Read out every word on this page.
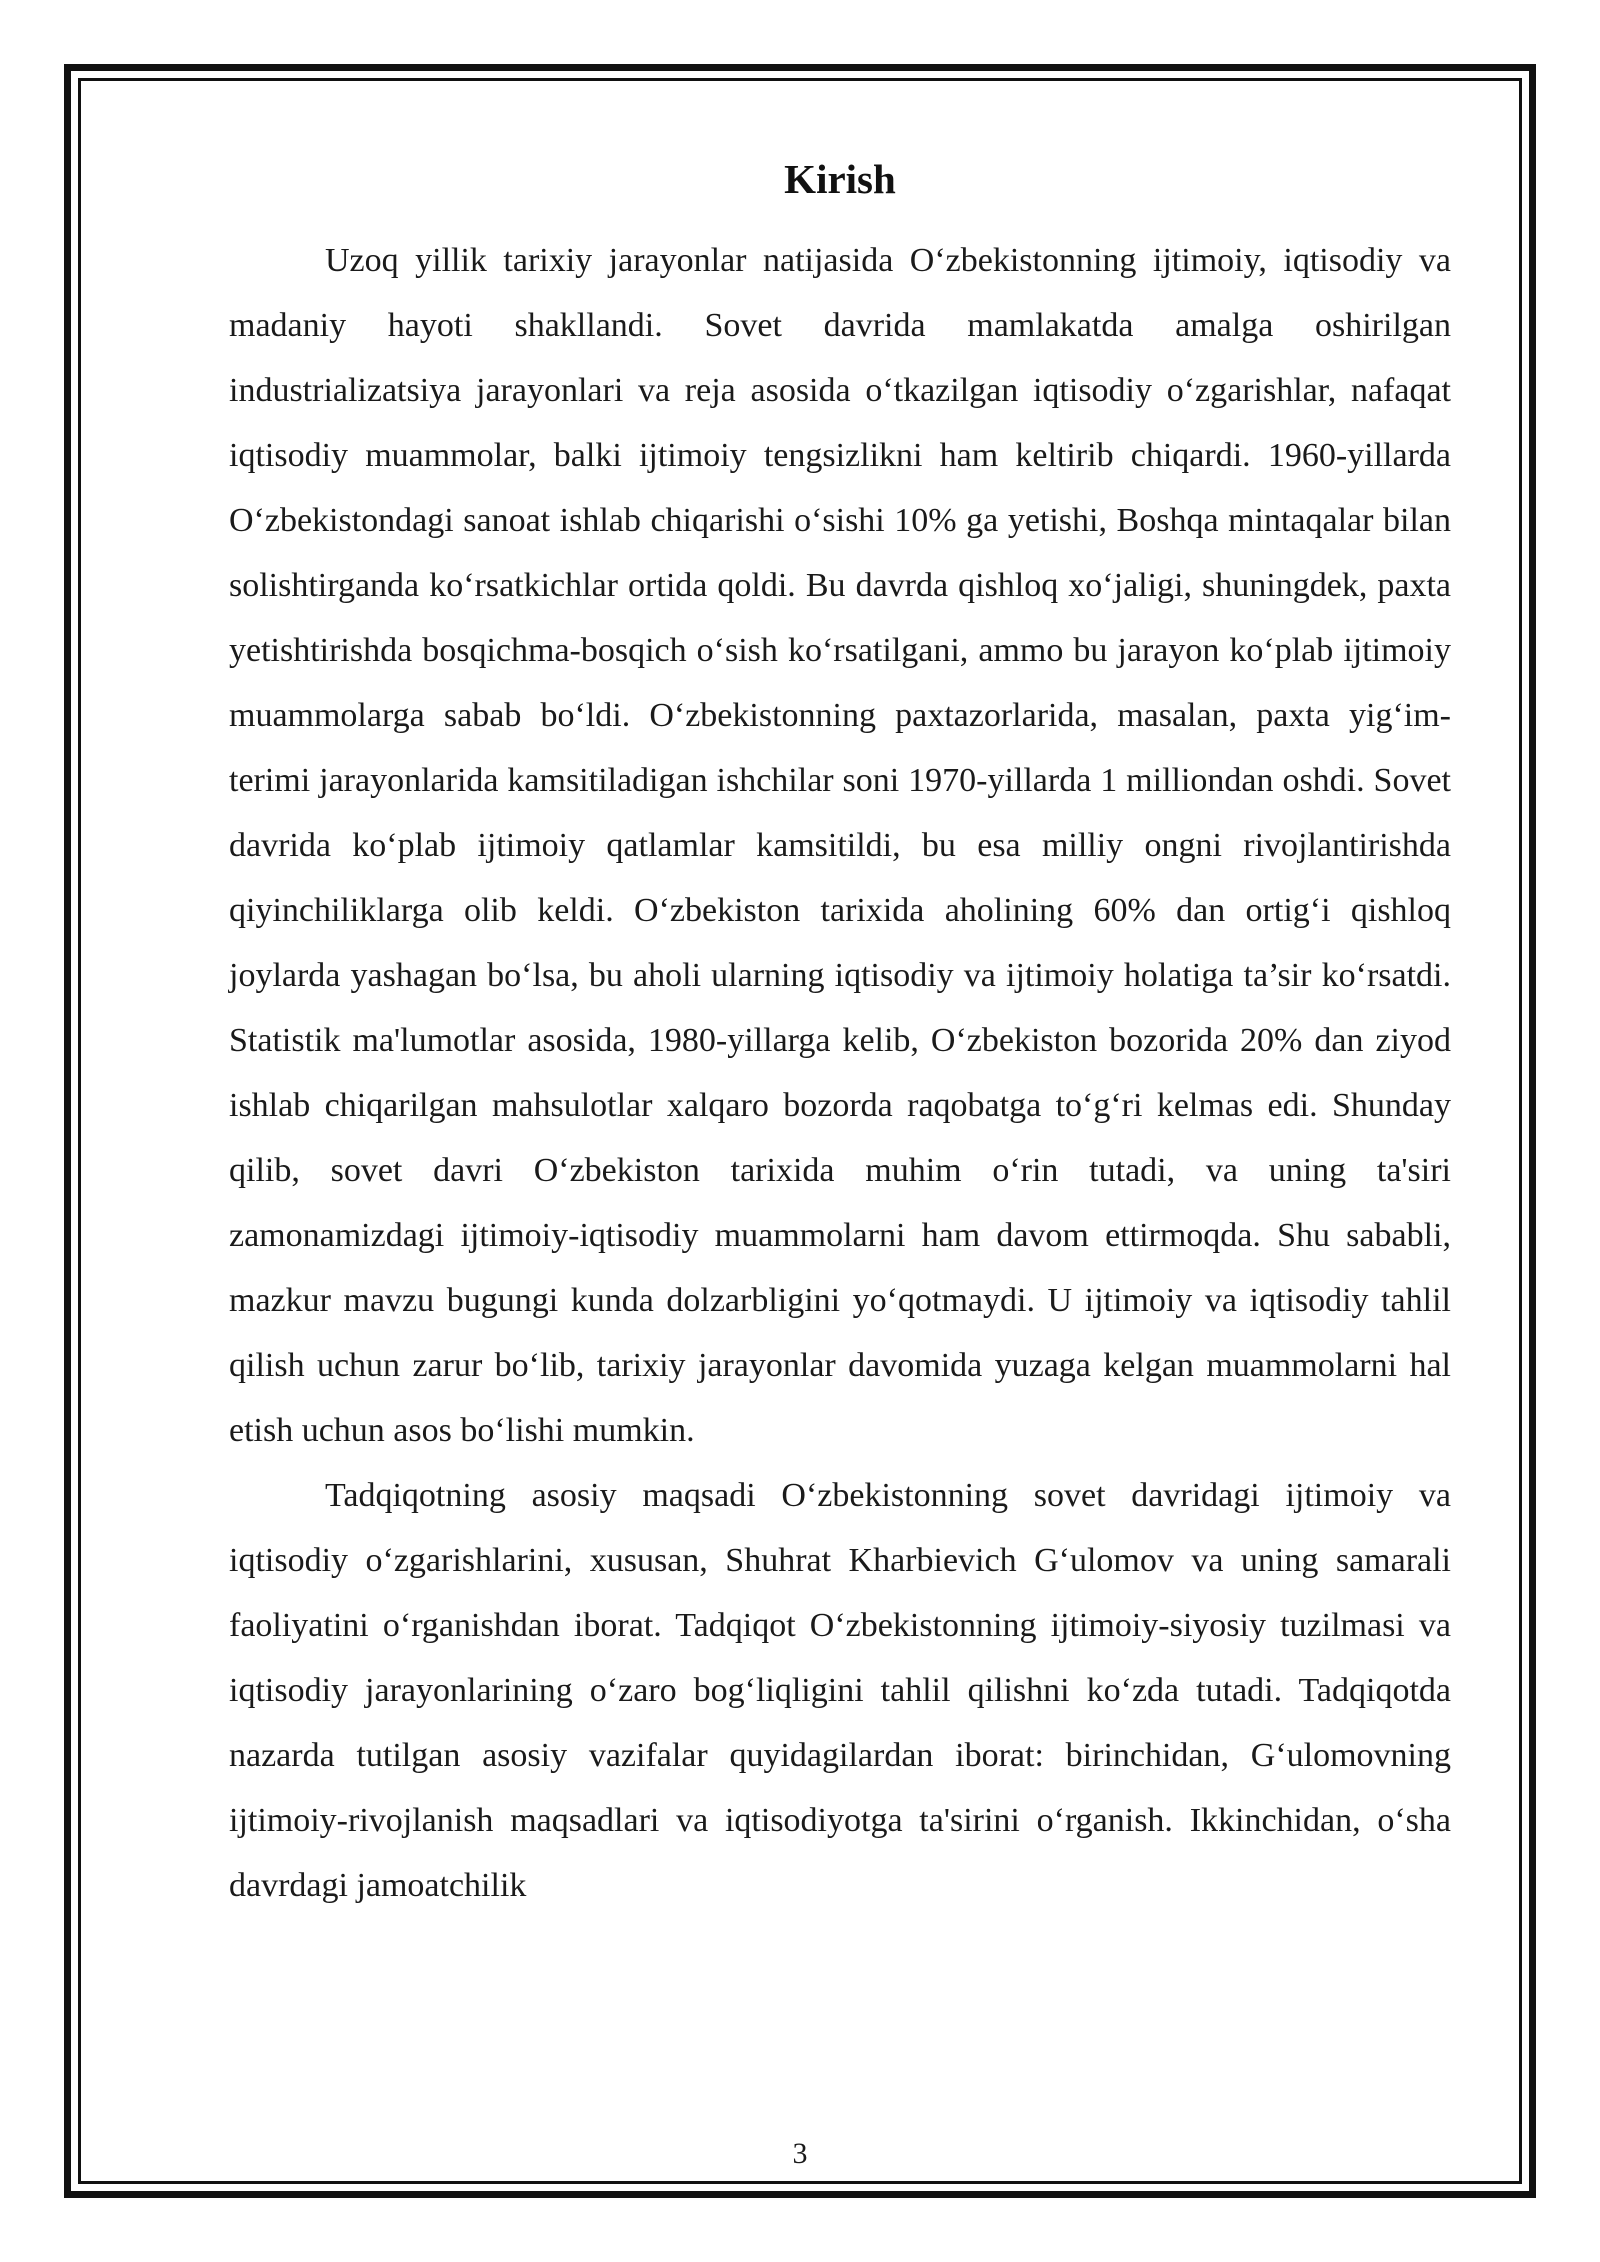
Kirish

Uzoq yillik tarixiy jarayonlar natijasida O‘zbekistonning ijtimoiy, iqtisodiy va madaniy hayoti shakllandi. Sovet davrida mamlakatda amalga oshirilgan industrializatsiya jarayonlari va reja asosida o‘tkazilgan iqtisodiy o‘zgarishlar, nafaqat iqtisodiy muammolar, balki ijtimoiy tengsizlikni ham keltirib chiqardi. 1960-yillarda O‘zbekistondagi sanoat ishlab chiqarishi o‘sishi 10% ga yetishi, Boshqa mintaqalar bilan solishtirganda ko‘rsatkichlar ortida qoldi. Bu davrda qishloq xo‘jaligi, shuningdek, paxta yetishtirishda bosqichma-bosqich o‘sish ko‘rsatilgani, ammo bu jarayon ko‘plab ijtimoiy muammolarga sabab bo‘ldi. O‘zbekistonning paxtazorlarida, masalan, paxta yig‘im-terimi jarayonlarida kamsitiladigan ishchilar soni 1970-yillarda 1 milliondan oshdi. Sovet davrida ko‘plab ijtimoiy qatlamlar kamsitildi, bu esa milliy ongni rivojlantirishda qiyinchiliklarga olib keldi. O‘zbekiston tarixida aholining 60% dan ortig‘i qishloq joylarda yashagan bo‘lsa, bu aholi ularning iqtisodiy va ijtimoiy holatiga ta’sir ko‘rsatdi. Statistik ma'lumotlar asosida, 1980-yillarga kelib, O‘zbekiston bozorida 20% dan ziyod ishlab chiqarilgan mahsulotlar xalqaro bozorda raqobatga to‘g‘ri kelmas edi. Shunday qilib, sovet davri O‘zbekiston tarixida muhim o‘rin tutadi, va uning ta'siri zamonamizdagi ijtimoiy-iqtisodiy muammolarni ham davom ettirmoqda. Shu sababli, mazkur mavzu bugungi kunda dolzarbligini yo‘qotmaydi. U ijtimoiy va iqtisodiy tahlil qilish uchun zarur bo‘lib, tarixiy jarayonlar davomida yuzaga kelgan muammolarni hal etish uchun asos bo‘lishi mumkin.

Tadqiqotning asosiy maqsadi O‘zbekistonning sovet davridagi ijtimoiy va iqtisodiy o‘zgarishlarini, xususan, Shuhrat Kharbievich G‘ulomov va uning samarali faoliyatini o‘rganishdan iborat. Tadqiqot O‘zbekistonning ijtimoiy-siyosiy tuzilmasi va iqtisodiy jarayonlarining o‘zaro bog‘liqligini tahlil qilishni ko‘zda tutadi. Tadqiqotda nazarda tutilgan asosiy vazifalar quyidagilardan iborat: birinchidan, G‘ulomovning ijtimoiy-rivojlanish maqsadlari va iqtisodiyotga ta'sirini o‘rganish. Ikkinchidan, o‘sha davrdagi jamoatchilik

3
